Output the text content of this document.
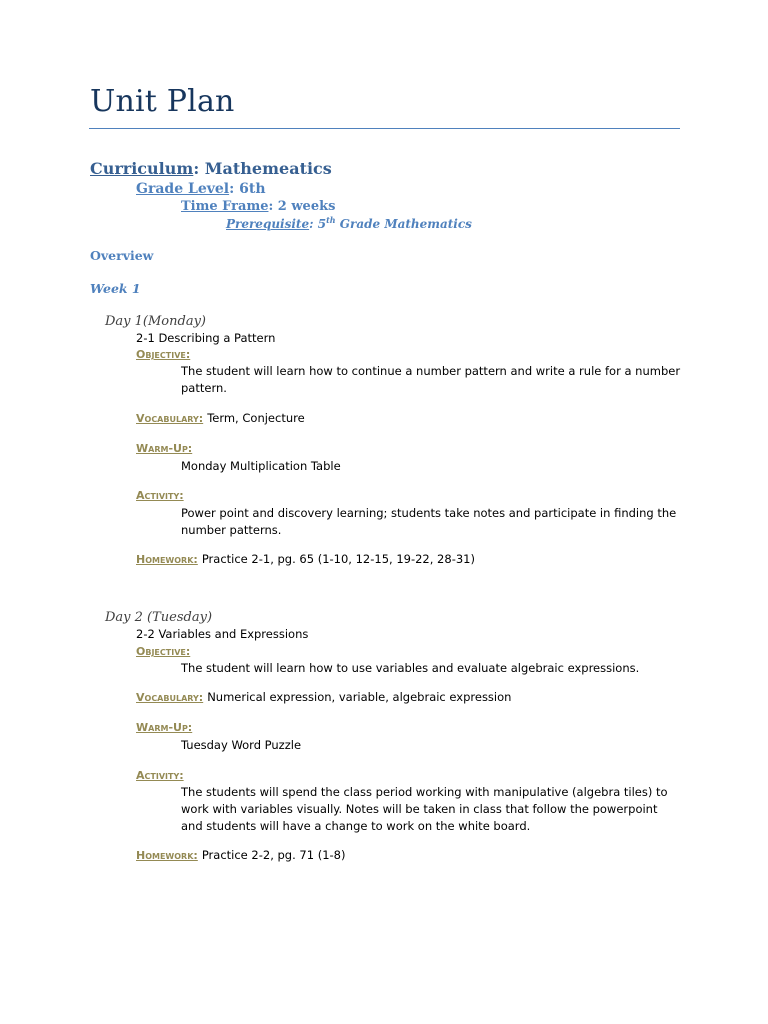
Unit Plan
Curriculum: Mathemeatics
Grade Level: 6th
Time Frame: 2 weeks
Prerequisite: 5th Grade Mathematics
Overview
Week 1
Day 1(Monday)
2-1 Describing a Pattern
Objective:
The student will learn how to continue a number pattern and write a rule for a number pattern.
Vocabulary: Term, Conjecture
Warm-Up:
Monday Multiplication Table
Activity:
Power point and discovery learning; students take notes and participate in finding the number patterns.
Homework: Practice 2-1, pg. 65 (1-10, 12-15, 19-22, 28-31)
Day 2 (Tuesday)
2-2 Variables and Expressions
Objective:
The student will learn how to use variables and evaluate algebraic expressions.
Vocabulary: Numerical expression, variable, algebraic expression
Warm-Up:
Tuesday Word Puzzle
Activity:
The students will spend the class period working with manipulative (algebra tiles) to work with variables visually. Notes will be taken in class that follow the powerpoint and students will have a change to work on the white board.
Homework: Practice 2-2, pg. 71 (1-8)
